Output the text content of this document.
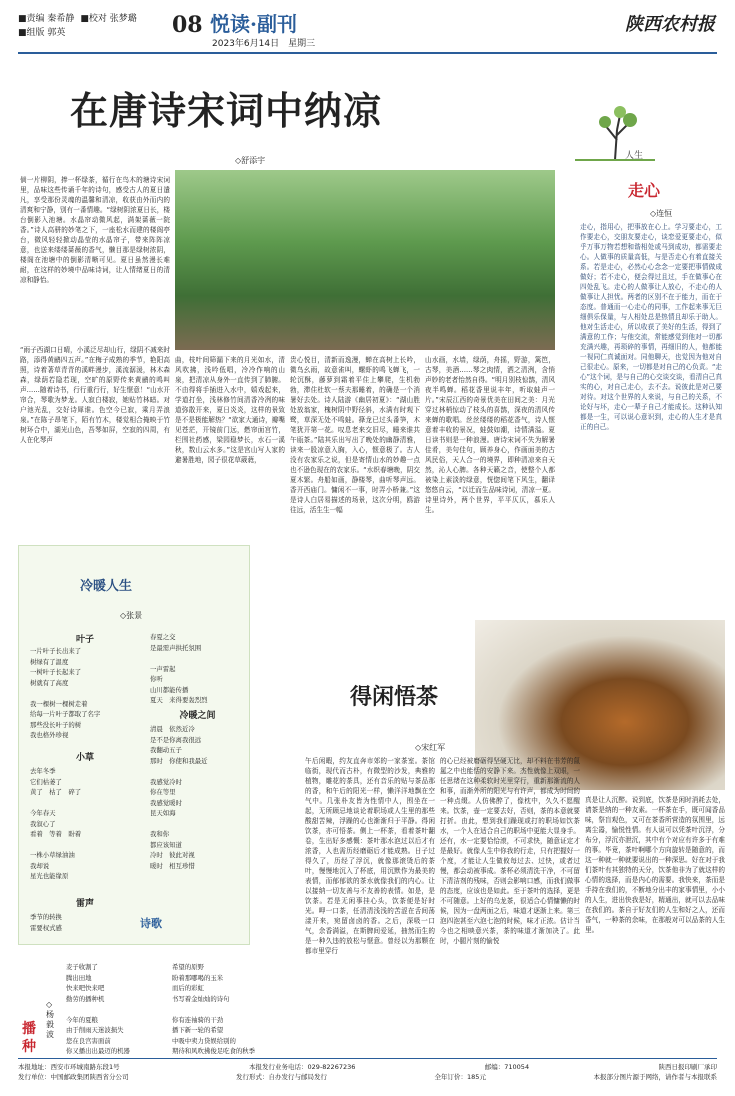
■责编 秦希静 ■校对 张梦璐
■组版 郭英	08 悦读·副刊
2023年6月14日　星期三
陕西农村报
在唐诗宋词中纳凉
◇舒添宇
倘一片柳阴，捧一杯绿茶，循行在鸟木的塘诗宋词里，品味这些传诵千年的诗句，感受古人的夏日遣凡，享受那份灵魂的温馨和清凉，收获由外而内的清爽和宁静，别有一番情趣。“绿树阴浓夏日长，楼台倒影入池塘。水晶帘动微风起，满架蔷薇一院香。”诗人高骈的妙笔之下，一座松水而建的楼阁亭台，微风轻轻掀动晶莹的水晶帘子，带来阵阵凉意，也送来缕缕蔷薇的香气，懒目那是绿树浓阴，楼阁在池塘中的倒影清晰可见。夏日虽然漫长难耐，在这样的妙境中品味诗词，让人情绪夏日的清凉和静怡。
“雨子西湖口日晴，小溪泛尽却山行，绿阴不减来时路，添得黄鹂四五声。”在梅子成熟的季节，艳阳高照，诗着著草青青的溪畔漫步，溪流潺湲，林木森森，绿荫若隐若现，空旷的原野传来黄鹂的鸣叫声……随着诗书，行行重行行，好生惬意！“山水开帘合，琴歌为梦龙。人寂白楼寂，她贴竹林暗。对户池光乱，交好诗犀谁。色空今已寂，乘月弄浪泉。”在陈子昂笔下，陌有竹木，楼觉相合掩映于竹树环合中，湖光山色，吾琴如屏，空寂的四周，有人在化琴声
曲，枝叶间筛漏下来的月光如水，清风吹拂，浅吟低唱，冷冷作响的山泉，把清凉从身外一直传到了肺腑。不由得将手插进入水中，嬉戏起来，学道打坐，浅林修竹间清香冷冽的味道弥散开来，夏日炎炎，这样的景致是不是极能解热？“欲家大通诗，瓣嘴见苍茫，开镜前门远，燃帘面宫竹，栏围社药感，梁园稳梦长，水石一溪秋，数山云水多。”这是宫山写人家的避暑胜地，园子很花草葳蕤，
贵心悦目，清新而逸漫，蝉在高树上长吟，微鸟幺雨，故意雀叫，螺虾的鸣飞蝉飞，一轮沉酥，藤萝到霜着平住上攀爬，生机勃勃，滞住杜软一蔡夫那睡着，的确是一个消暑好去处。诗人陆游《幽居初夏》：“湖山胜处放翁家，槐树阴中野径斜，水满有时观下鹭，草深无处不鸣蛙。箨龙已过头番笋，木笔犹开第一花。叹息老来交旧尽，睡来谁共午瓯茶。”陆其乐出写出了晚处的幽静清雅，读来一股凉意入胸，入心，惬意极了。古人没有农家乐之说，但是寄情山水的妙趣一点也不逊色现在的农家乐。“水织春塘晚，阴交夏木繁。舟船如画，静楼琴，曲听琴声远。香开西庙门。慵闲不一事，时弄小桥兼。”这是诗人白居易描述的场景，这次分明，鸥游往远，活生生一幅
山水画，水墙，绿荫，舟摇，野游，篱笆，古琴，美酒……琴之肉情，洒之清洌，含悄声妙的老者怡然自得。“明月别枝惊鹊，清风夜半鸣蝉。稻花香里说丰年，听取蛙声一片。”宋辰江西的奇景优美在田间之美：月光穿过林梢惊动了枝头的喜鹊，深夜的清风传来蝉的歌唱。丝丝缕缕的稻花香气，诗人惬意着丰收的景况，蛙鼓如潮，诗情满溢。夏日读书则是一种浪漫。唐诗宋词不失为解暑佳肴，美句佳句，顾养身心，作画面美的古风民俗，天人合一的境界，即种清凉来自天然，沁人心脾。各种天籁之音，使整个人都被染上素淡的绿意，恍惚间笔下风生，翻译悠悠自云，“以迁而生品味诗词，清凉一夏。诗里诗外，两个世界，平平仄仄，慕乐人生。
人生
走心
◇连恒
走心，指用心，把事放在心上。学习要走心，工作要走心，交朋友要走心，谈恋爱更要走心，似乎万事万物若想和谐相处或马到成功，都需要走心。人做事的质量高低，与是否走心有着直接关系。若是走心，必然心心念念一定要把事情做成做好；若不走心，便会得过且过，手在做事心在四处乱飞。走心的人做事让人放心，不走心的人做事让人担忧。两者的区别不在于能力，而在于态度。普通而一心走心的同事，工作起来事无巨细俱乐保量，与人相处总是热情且却乐于助人。他对生活走心，所以收获了美好的生活，得到了满意的工作；与他交流，常能感觉到他对一切都充满兴趣，再琐碎的事情，再细旧的人，他都能一视同仁真诚面对。同他聊天，也觉因为他对自己很走心。原来，一切都是对自己的心负责。“走心”这个词，是与自己的心交谈交谈，看清自己真实的心，对自己走心，去不去。说彼此是对己要对待。对这个世界的人来说，与自己的关系，不论好与坏，走心一辈子自己才能成长。这种认知都是一生，可以说心意识到，走心的人生才是真正的自己。
冷暖人生
◇张景
叶子
一片叶子长出来了
树绿有了温度
一树叶子长起来了
树就有了高度

我一棵树一棵树走着
给每一片叶子都取了名字
那些没长叶子的树
我也格外珍视
小草
去年冬季
它们枯萎了
黄了　枯了　碎了

今年春天
我叙心了
看着　等着　盼着

一株小草绿油油
我却说
星光也能缘原
雷声
季节的转换
雷要权式感
春夏之交
是最需声拱托氛围

一声雷起
你听
山川都能传播
夏天　来得要轰烈烈
冷暖之间
清晨　依然近冷
是不是你离我很远
我翻动五子
那时　你使和我最近

我感觉冷时
你在等里
我感觉暖时
昆天如海

我和你
都应该知道
冷时　彼此对视
暖时　相互珍惜
诗歌
播种
◇杨毅波
麦子收割了
腾出田地
快来吧快来吧
勤劳的播种机

今年的夏粮
由于削雨天迷波损失
您在良宫害面前
你又播出出最迈的机器
希望的原野
盼着那哪喝的玉米
而后的彩虹
书写着金灿灿的诗句

你有连袖骑的干劲
播下新一轮的希望
中吸中卖力贷娱给别的
期待和风吹拂俊足吃食的秋季
得闲悟茶
◇宋红军
午后闲暇，约友直奔市郊的一家茶室。茶馆临街，现代而古朴，有微型的沙发，典雅的植物，雕花的茶具，还有音乐的贴与茶品那的香，和午后的阳光一样，懒洋洋地飘在空气中。几张朴友皆为性情中人，围坐在一起，无所顾忌地谈论着职场或人生里的那些酸甜苦辣，浮躁的心也渐渐归于平静。得闲饮茶，亦可悟茶。侧上一杯茶，看着茶叶翻卷，生出好多感慨：茶叶那水泡过以后才有浓香，人也需历经磨砺后才能成熟。日子过得久了，历经了浮沉，就像那滚烫后的茶叶，慢慢地沉入了杯底，用沉默作为最美的表情，而郁郁欲的茶水就像我们的内心。让以接纳一切友善与不友善的表情。如是，是饮茶。若是无闲事挂心头，饮茶便是好时光。呷一口茶，任清清浅浅的苦涩在舌间荡漾开来，宛留卤卤的香。之后，深吸一口气，余香满溢，在斯脾间爱延，抽然而生的是一种久违的放松与惬意。曾经以为那颗在都市里穿行
的心已经被磨砺得坚硬无比，却不料在书芳的氤氲之中也能恬的安静下来。杰性就像上双眼，一任思绪在这种柔软时光里穿行，重新那渐流的人和事，而渐外所的阳光与有许声，都成为时间的一种点缀。人仿佛醉了，像枕中，久久不愿醒来。饮茶，壶一定要去好，否则，茶的本意就要打折。由此，想到我们躁现或打的职场如饮茶水，一个人在适合自己的职场中更能大显身手。还有，水一定要恰恰滚，不可求快，随意证定才是最好。就像人生中你我的行走，只有把握好一个度，才能让人生做攸每过去、过快，或者过慢，都会动被事成。茶杯必须清洗干净，不可留下清洁剂的残味，否则会影响口感，而我们做事的态度，应该也是如此。至于茶叶的选择，更是不可随意。上好的乌龙茶，很适合心情慵懒的时候，因为一盘两面之后，味道才逐渐上来。第三泡四泡甚至六泡七泡的时候，味才正浓。估计当今也之相映意兴茶，茶的味道才渐加决了。此时，小腿片刻的愉悦
真是让人沉醉。说到底，饮茶是闲时消耗去处，请茶是纳的一种友素。一杯茶在手，既可闻香品味，祭盲观色，又可在茶香所营造的氛围里，远离尘嚣，愉悦性情。有人说可以凭茶叶沉浮，分布分，浮沉亦泄沉，其中有个对应有许多于有难的事。毕竟，茶叶啊哪个方向旋转是随意的，而这一种就一种就要说出的一种深思。好在对于我们茶叶有其独特的天分，饮茶他非为了就这样的心情的选择，而是内心的需要。我快来，茶而是手持在我们的，不断地分出丰的家事情里，小小的人生，进出快我是好，精通出，就可以去品味在我们的。茶自于好友们的人生和好之人，还而香气，一种茶的余味，在那般对可以品茶的人生里。
本报地址：西安市环城南路东段1号	本报发行业务电话：029-82267236	邮编：710054	陕西日报印刷厂承印
发行单位：中国邮政集团陕西省分公司	发行形式：自办发行与邮局发行	全年订价：185元	本报部分图片源于网络，请作者与本报联系
